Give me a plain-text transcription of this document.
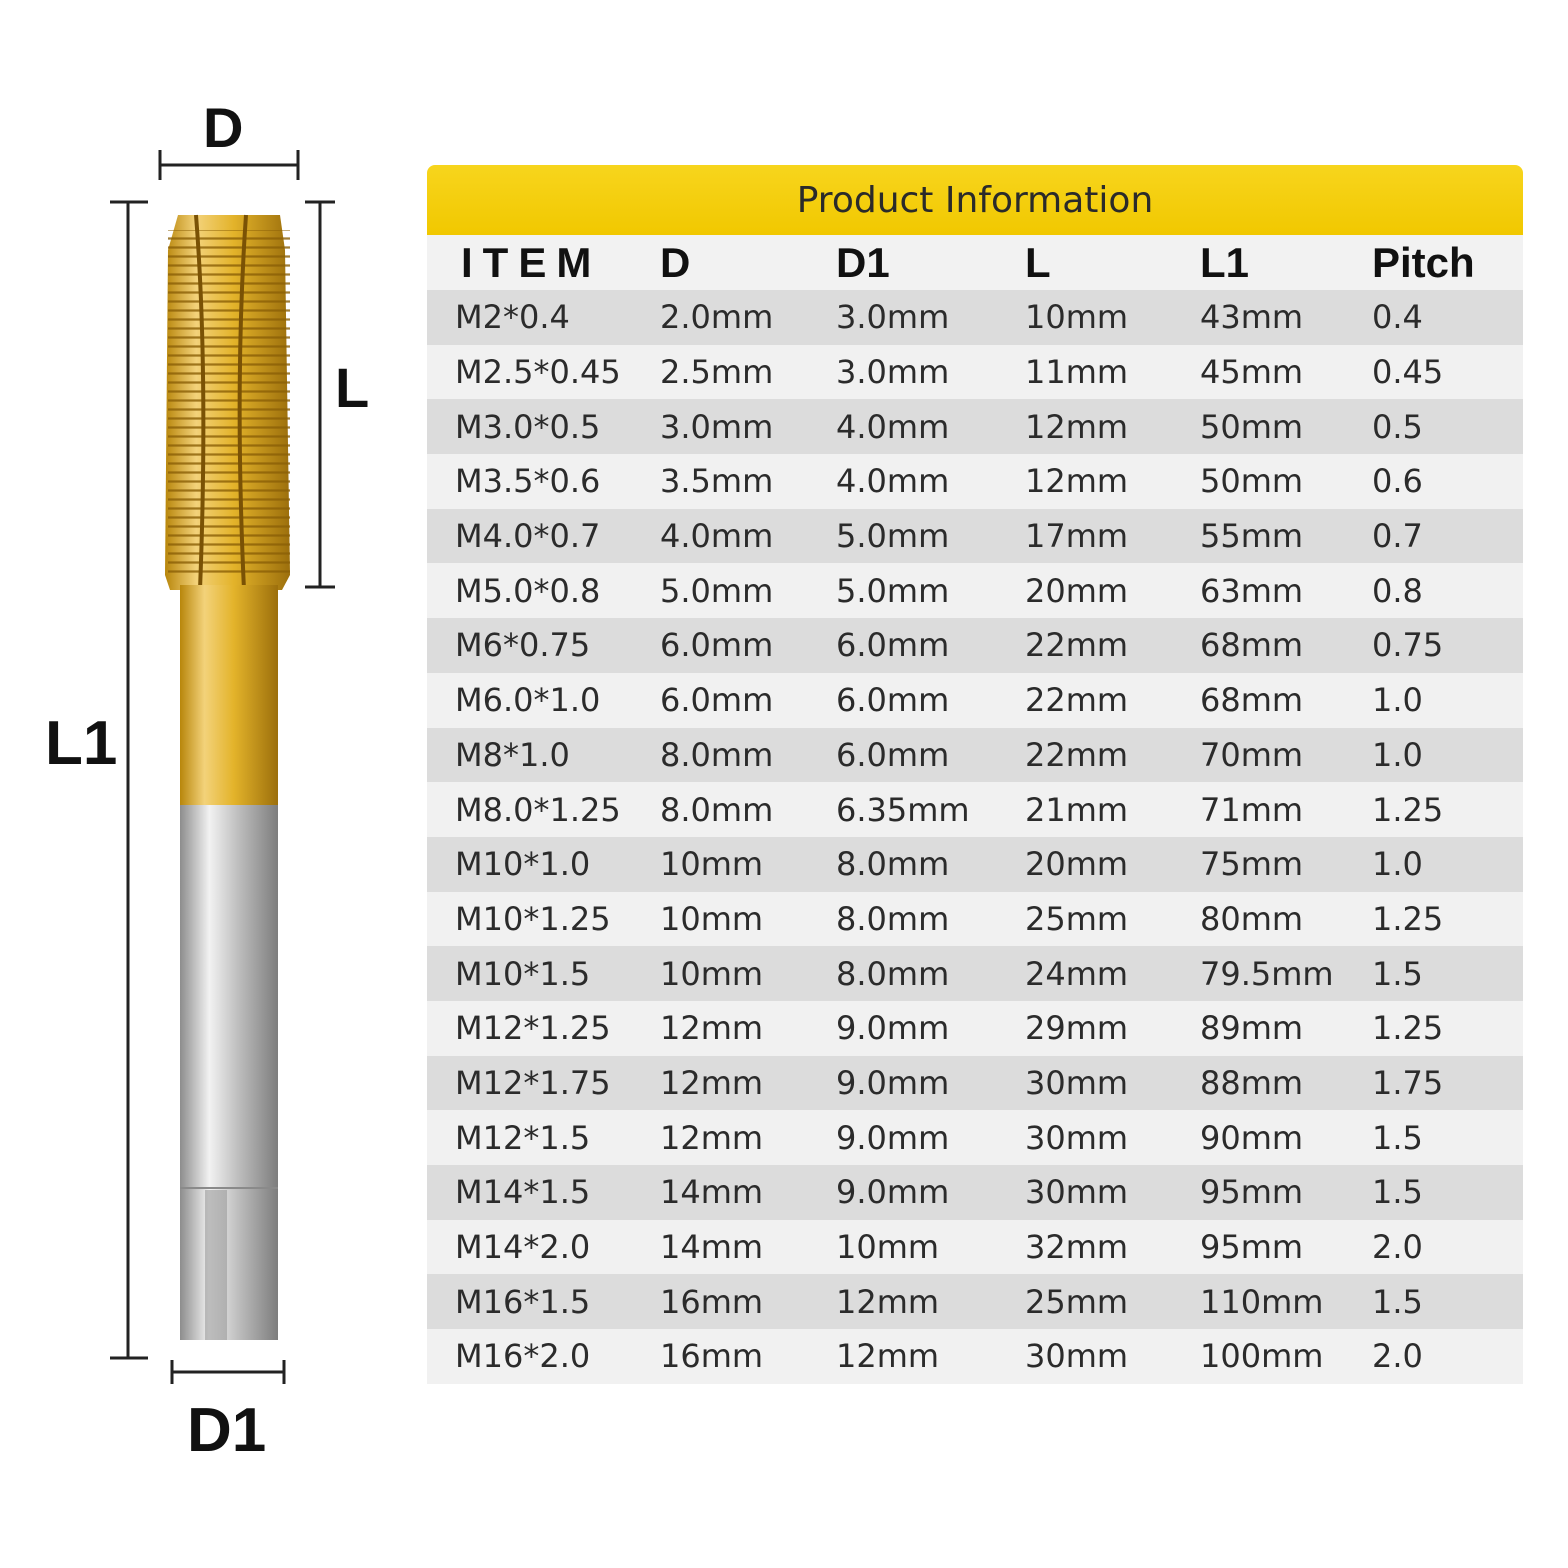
D
L
L1
D1
Product Information
ITEM	D	D1	L	L1	Pitch
M2*0.4	2.0mm	3.0mm	10mm	43mm	0.4
M2.5*0.45	2.5mm	3.0mm	11mm	45mm	0.45
M3.0*0.5	3.0mm	4.0mm	12mm	50mm	0.5
M3.5*0.6	3.5mm	4.0mm	12mm	50mm	0.6
M4.0*0.7	4.0mm	5.0mm	17mm	55mm	0.7
M5.0*0.8	5.0mm	5.0mm	20mm	63mm	0.8
M6*0.75	6.0mm	6.0mm	22mm	68mm	0.75
M6.0*1.0	6.0mm	6.0mm	22mm	68mm	1.0
M8*1.0	8.0mm	6.0mm	22mm	70mm	1.0
M8.0*1.25	8.0mm	6.35mm	21mm	71mm	1.25
M10*1.0	10mm	8.0mm	20mm	75mm	1.0
M10*1.25	10mm	8.0mm	25mm	80mm	1.25
M10*1.5	10mm	8.0mm	24mm	79.5mm	1.5
M12*1.25	12mm	9.0mm	29mm	89mm	1.25
M12*1.75	12mm	9.0mm	30mm	88mm	1.75
M12*1.5	12mm	9.0mm	30mm	90mm	1.5
M14*1.5	14mm	9.0mm	30mm	95mm	1.5
M14*2.0	14mm	10mm	32mm	95mm	2.0
M16*1.5	16mm	12mm	25mm	110mm	1.5
M16*2.0	16mm	12mm	30mm	100mm	2.0
